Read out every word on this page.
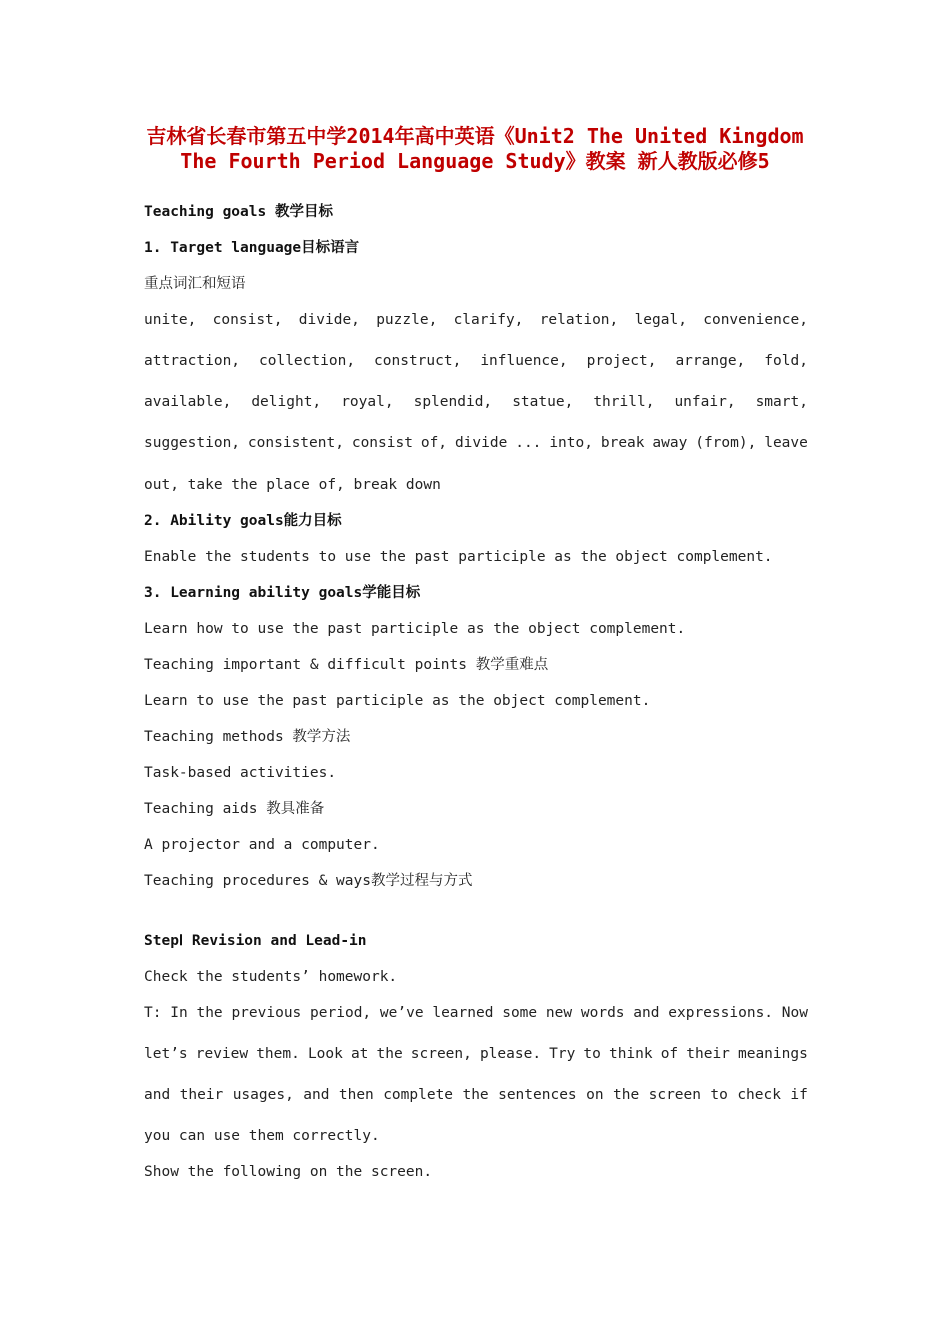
吉林省长春市第五中学2014年高中英语《Unit2 The United Kingdom The Fourth Period Language Study》教案 新人教版必修5
Teaching goals 教学目标
1. Target language目标语言
重点词汇和短语
unite, consist, divide, puzzle, clarify, relation, legal, convenience,
attraction, collection, construct, influence, project, arrange, fold,
available, delight, royal, splendid, statue, thrill, unfair, smart,
suggestion, consistent, consist of, divide ... into, break away (from), leave
out, take the place of, break down
2. Ability goals能力目标
Enable the students to use the past participle as the object complement.
3. Learning ability goals学能目标
Learn how to use the past participle as the object complement.
Teaching important & difficult points 教学重难点
Learn to use the past participle as the object complement.
Teaching methods 教学方法
Task-based activities.
Teaching aids 教具准备
A projector and a computer.
Teaching procedures & ways教学过程与方式
StepⅠ Revision and Lead-in
Check the students’ homework.
T: In the previous period, we’ve learned some new words and expressions. Now
let’s review them. Look at the screen, please. Try to think of their meanings
and their usages, and then complete the sentences on the screen to check if
you can use them correctly.
Show the following on the screen.
